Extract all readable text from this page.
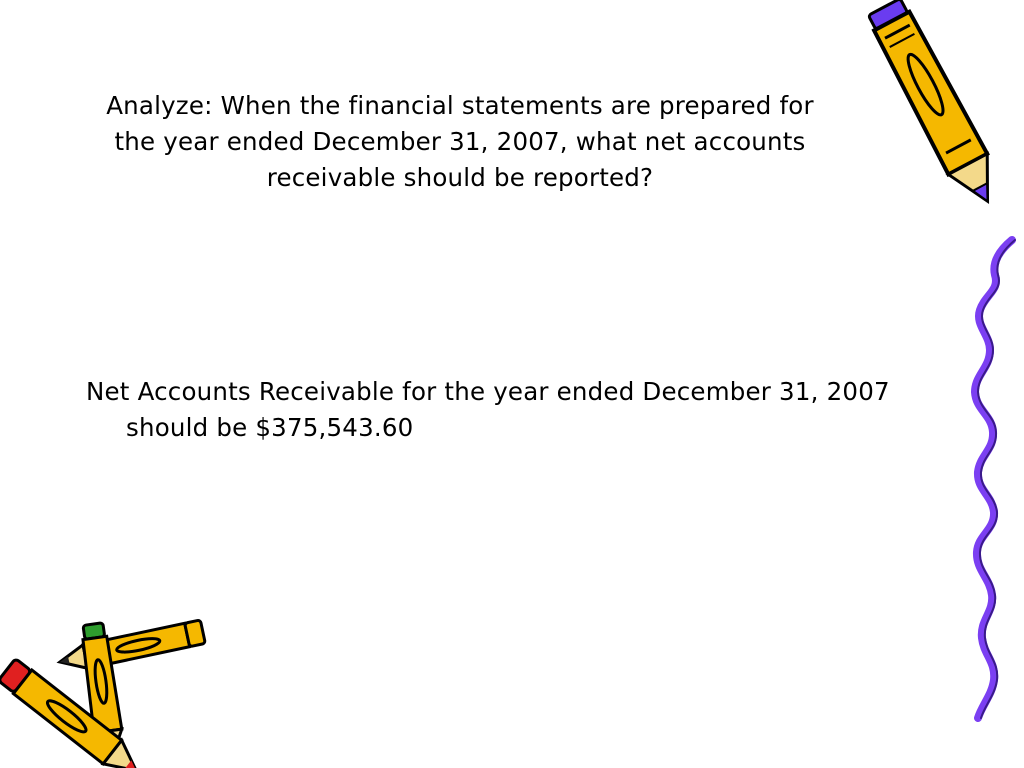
Analyze: When the financial statements are prepared for the year ended December 31, 2007, what net accounts receivable should be reported?
Net Accounts Receivable for the year ended December 31, 2007 should be $375,543.60
